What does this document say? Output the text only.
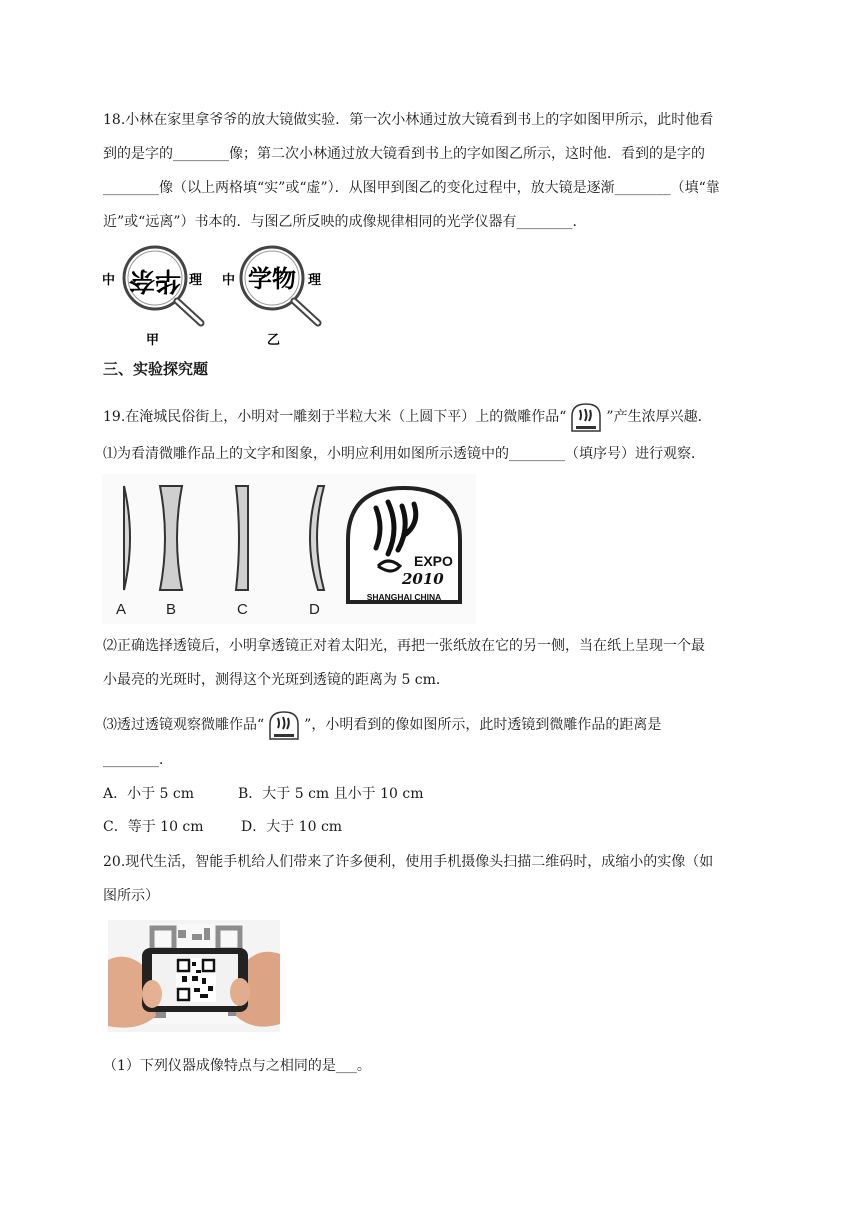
18.小林在家里拿爷爷的放大镜做实验．第一次小林通过放大镜看到书上的字如图甲所示，此时他看
到的是字的________像；第二次小林通过放大镜看到书上的字如图乙所示，这时他．看到的是字的
________像（以上两格填“实”或“虚”）．从图甲到图乙的变化过程中，放大镜是逐渐________（填“靠
近”或“远离”）书本的．与图乙所反映的成像规律相同的光学仪器有________．
中 华奈 理
甲
中 学物 理
乙
三、实验探究题
19.在淹城民俗街上，小明对一雕刻于半粒大米（上圆下平）上的微雕作品“	”产生浓厚兴趣．
⑴为看清微雕作品上的文字和图象，小明应利用如图所示透镜中的________（填序号）进行观察．
A	B	C	D
EXPO
2010
SHANGHAI CHINA
⑵正确选择透镜后，小明拿透镜正对着太阳光，再把一张纸放在它的另一侧，当在纸上呈现一个最
小最亮的光斑时，测得这个光斑到透镜的距离为 5 cm．
⑶透过透镜观察微雕作品“	”，小明看到的像如图所示，此时透镜到微雕作品的距离是
________．
A．小于 5 cm	B．大于 5 cm 且小于 10 cm
C．等于 10 cm	D．大于 10 cm
20.现代生活，智能手机给人们带来了许多便利，使用手机摄像头扫描二维码时，成缩小的实像（如
图所示）
（1）下列仪器成像特点与之相同的是___。
